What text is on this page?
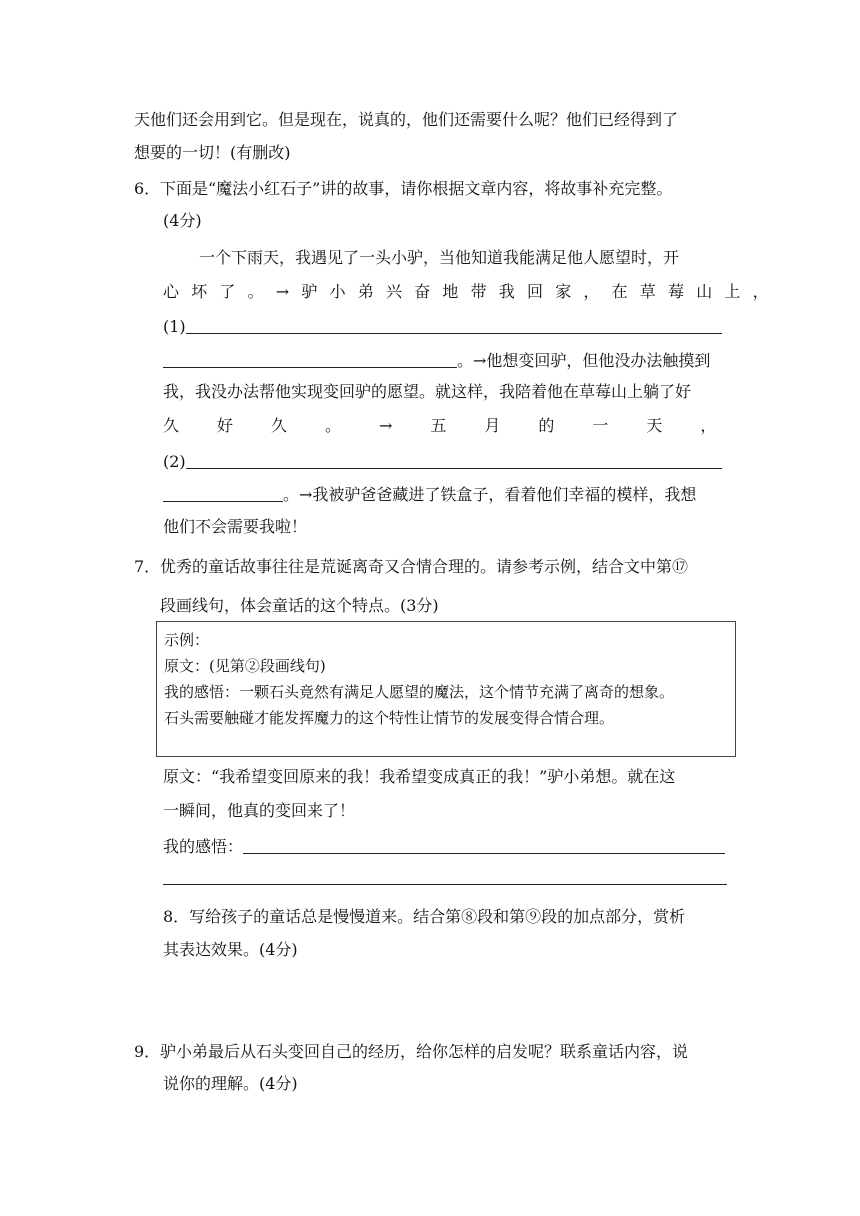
天他们还会用到它。但是现在，说真的，他们还需要什么呢？他们已经得到了
想要的一切！(有删改)
6．下面是“魔法小红石子”讲的故事，请你根据文章内容，将故事补充完整。
(4分)
一个下雨天，我遇见了一头小驴，当他知道我能满足他人愿望时，开
心坏了。→驴小弟兴奋地带我回家，在草莓山上，
(1)
。→他想变回驴，但他没办法触摸到
我，我没办法帮他实现变回驴的愿望。就这样，我陪着他在草莓山上躺了好
久好久。→五月的一天，
(2)
。→我被驴爸爸藏进了铁盒子，看着他们幸福的模样，我想
他们不会需要我啦！
7．优秀的童话故事往往是荒诞离奇又合情合理的。请参考示例，结合文中第⑰
段画线句，体会童话的这个特点。(3分)
示例：
原文：(见第②段画线句)
我的感悟：一颗石头竟然有满足人愿望的魔法，这个情节充满了离奇的想象。
石头需要触碰才能发挥魔力的这个特性让情节的发展变得合情合理。
原文：“我希望变回原来的我！我希望变成真正的我！”驴小弟想。就在这
一瞬间，他真的变回来了！
我的感悟：
8．写给孩子的童话总是慢慢道来。结合第⑧段和第⑨段的加点部分，赏析
其表达效果。(4分)
9．驴小弟最后从石头变回自己的经历，给你怎样的启发呢？联系童话内容，说
说你的理解。(4分)
